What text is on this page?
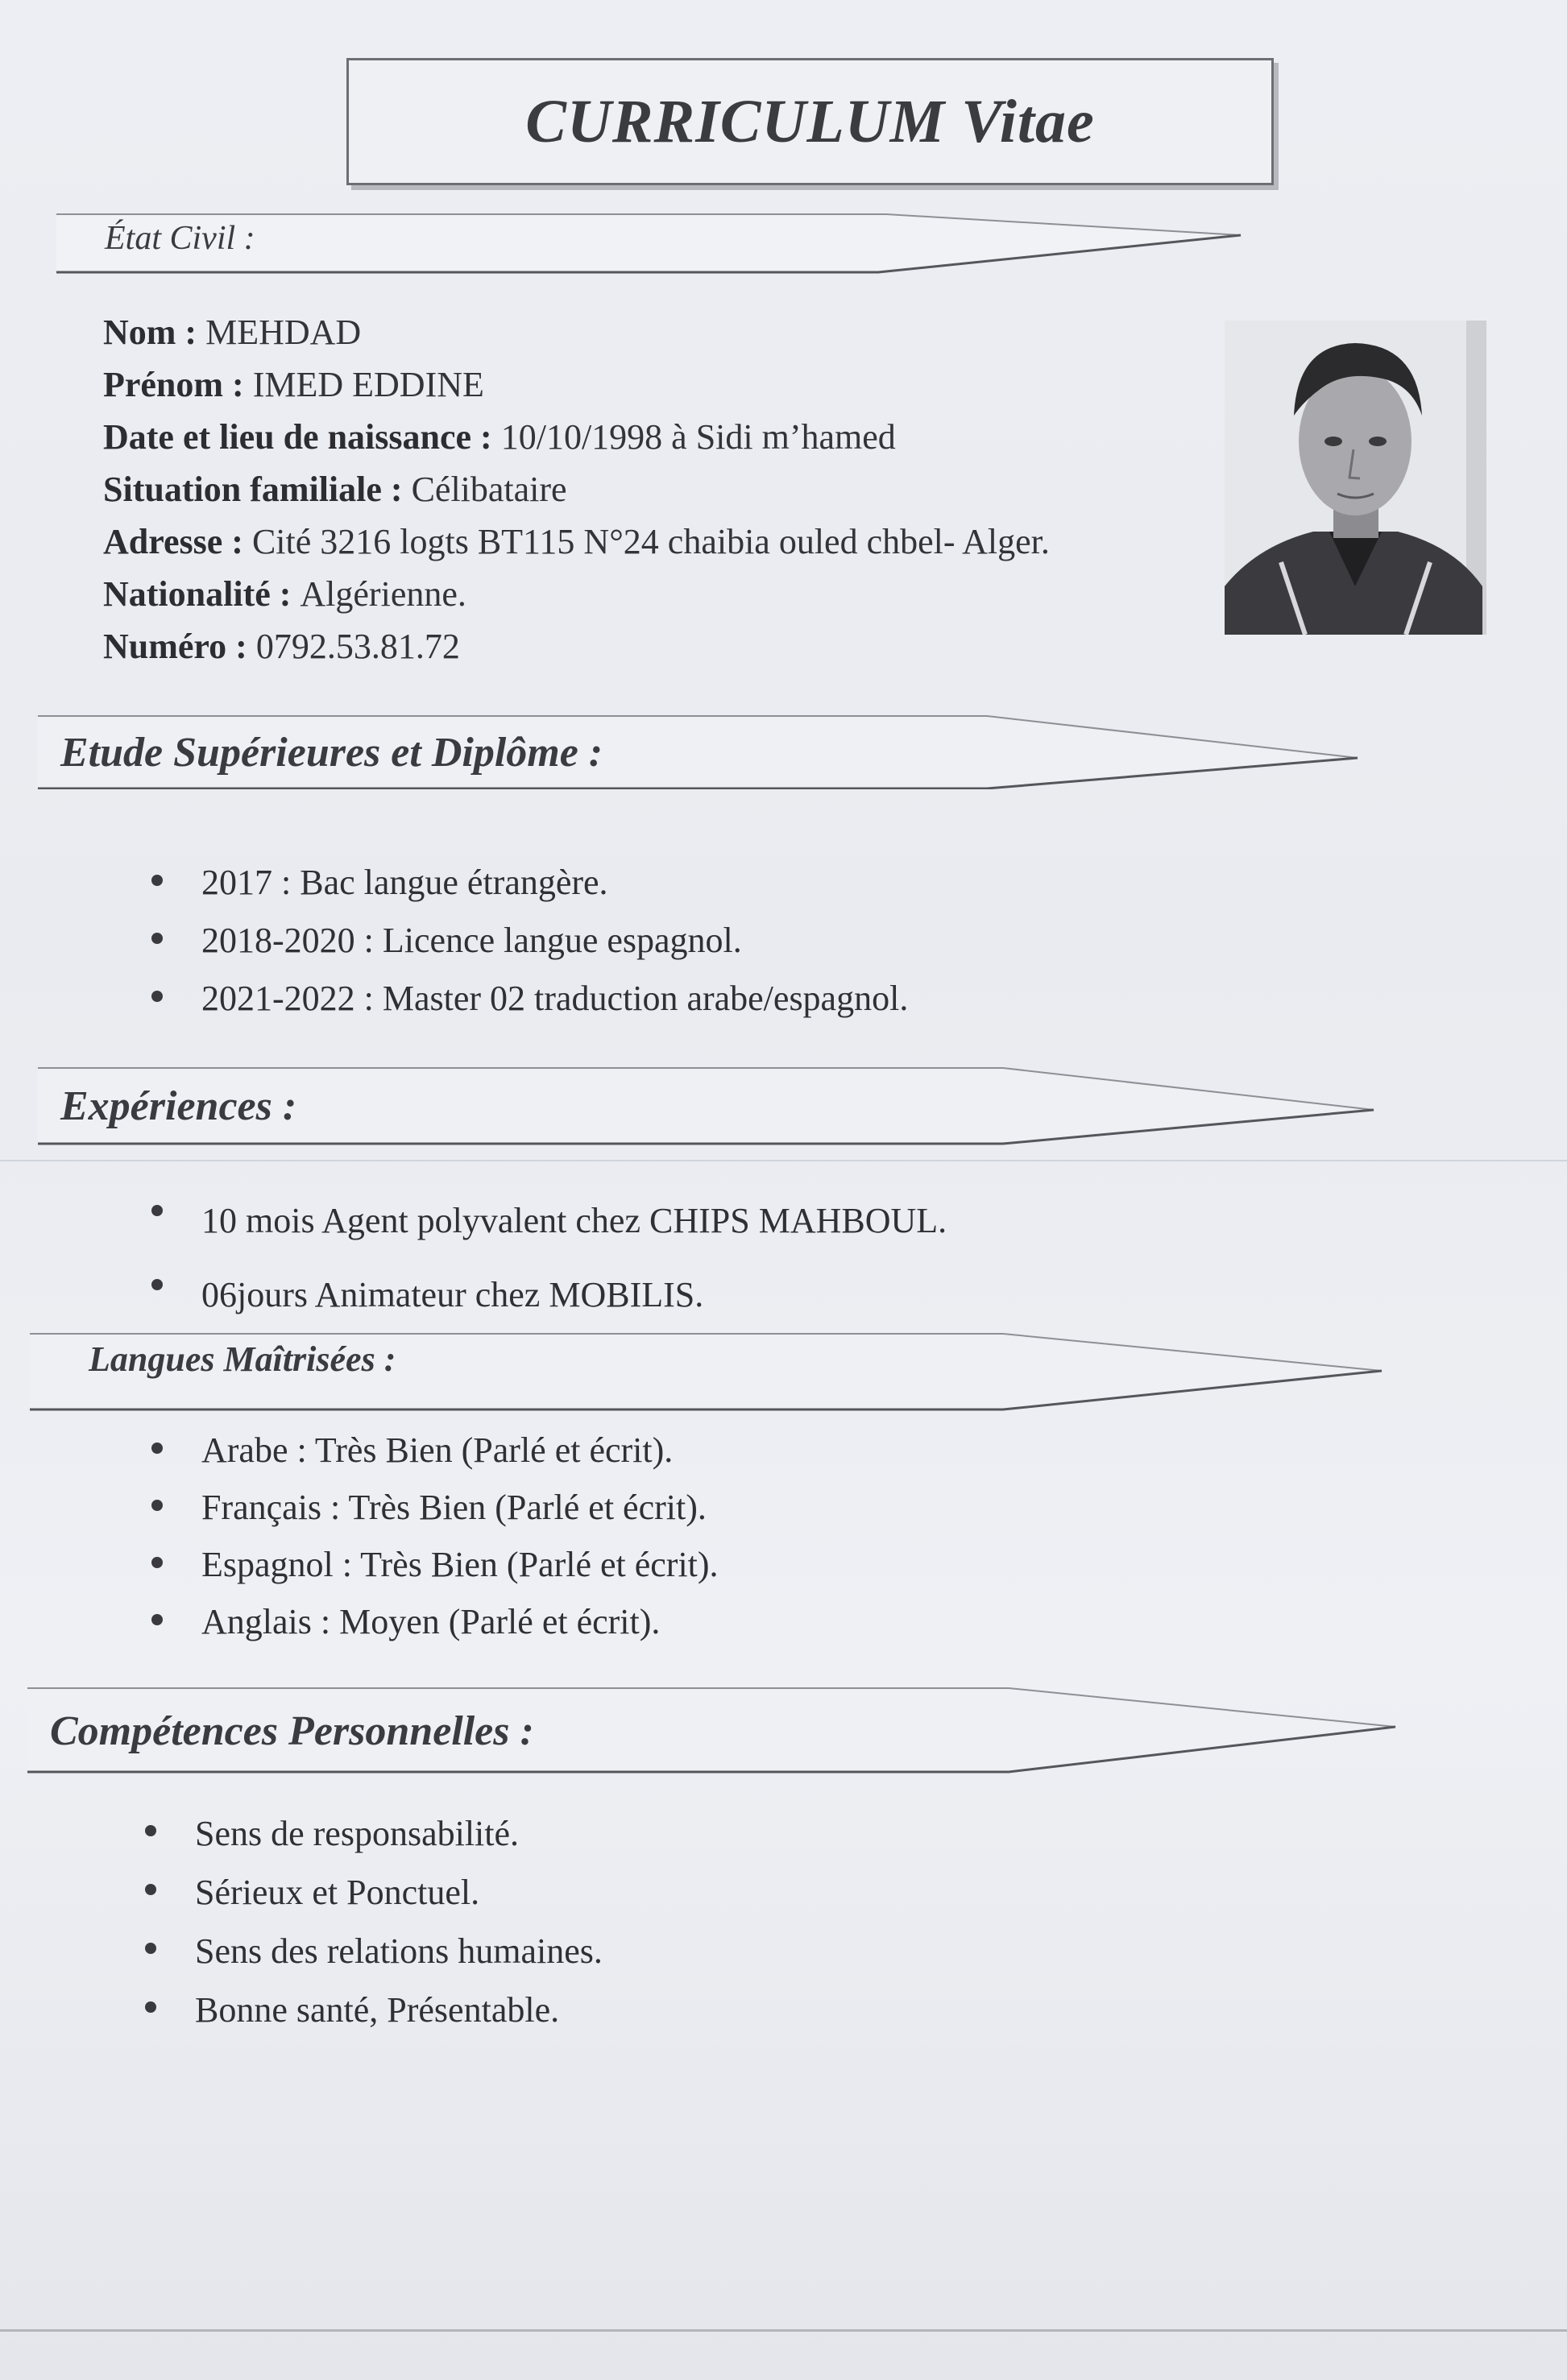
CURRICULUM Vitae
État Civil :
Nom : MEHDAD
Prénom : IMED EDDINE
Date et lieu de naissance : 10/10/1998 à Sidi m’hamed
Situation familiale : Célibataire
Adresse : Cité 3216 logts BT115 N°24 chaibia ouled chbel- Alger.
Nationalité : Algérienne.
Numéro : 0792.53.81.72
Etude Supérieures et Diplôme :
2017 : Bac langue étrangère.
2018-2020 : Licence langue espagnol.
2021-2022 : Master 02 traduction arabe/espagnol.
Expériences :
10 mois Agent polyvalent chez CHIPS MAHBOUL.
06jours Animateur chez MOBILIS.
Langues Maîtrisées :
Arabe : Très Bien (Parlé et écrit).
Français : Très Bien (Parlé et écrit).
Espagnol : Très Bien (Parlé et écrit).
Anglais : Moyen (Parlé et écrit).
Compétences Personnelles :
Sens de responsabilité.
Sérieux et Ponctuel.
Sens des relations humaines.
Bonne santé, Présentable.
